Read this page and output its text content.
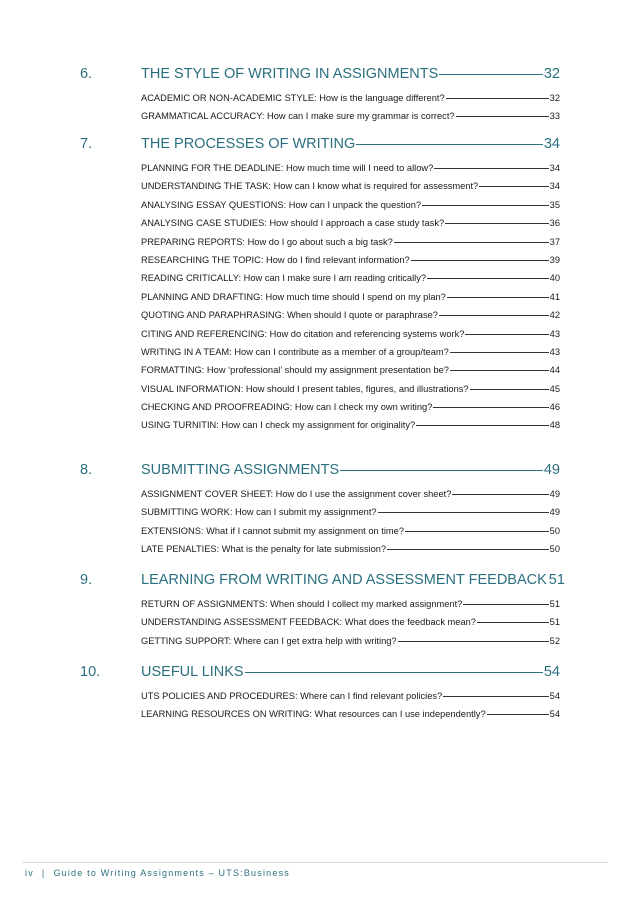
6.	THE STYLE OF WRITING IN ASSIGNMENTS	32
ACADEMIC OR NON-ACADEMIC STYLE: How is the language different?	32
GRAMMATICAL ACCURACY: How can I make sure my grammar is correct?	33
7.	THE PROCESSES OF WRITING	34
PLANNING FOR THE DEADLINE: How much time will I need to allow?	34
UNDERSTANDING THE TASK: How can I know what is required for assessment?	34
ANALYSING ESSAY QUESTIONS: How can I unpack the question?	35
ANALYSING CASE STUDIES: How should I approach a case study task?	36
PREPARING REPORTS: How do I go about such a big task?	37
RESEARCHING THE TOPIC: How do I find relevant information?	39
READING CRITICALLY: How can I make sure I am reading critically?	40
PLANNING AND DRAFTING: How much time should I spend on my plan?	41
QUOTING AND PARAPHRASING: When should I quote or paraphrase?	42
CITING AND REFERENCING: How do citation and referencing systems work?	43
WRITING IN A TEAM: How can I contribute as a member of a group/team?	43
FORMATTING: How ‘professional’ should my assignment presentation be?	44
VISUAL INFORMATION: How should I present tables, figures, and illustrations?	45
CHECKING AND PROOFREADING: How can I check my own writing?	46
USING TURNITIN: How can I check my assignment for originality?	48
8.	SUBMITTING ASSIGNMENTS	49
ASSIGNMENT COVER SHEET: How do I use the assignment cover sheet?	49
SUBMITTING WORK: How can I submit my assignment?	49
EXTENSIONS: What if I cannot submit my assignment on time?	50
LATE PENALTIES: What is the penalty for late submission?	50
9.	LEARNING FROM WRITING AND ASSESSMENT FEEDBACK 51
RETURN OF ASSIGNMENTS: When should I collect my marked assignment?	51
UNDERSTANDING ASSESSMENT FEEDBACK: What does the feedback mean?	51
GETTING SUPPORT: Where can I get extra help with writing?	52
10.	USEFUL LINKS	54
UTS POLICIES AND PROCEDURES: Where can I find relevant policies?	54
LEARNING RESOURCES ON WRITING: What resources can I use independently?	54
iv | Guide to Writing Assignments – UTS:Business
